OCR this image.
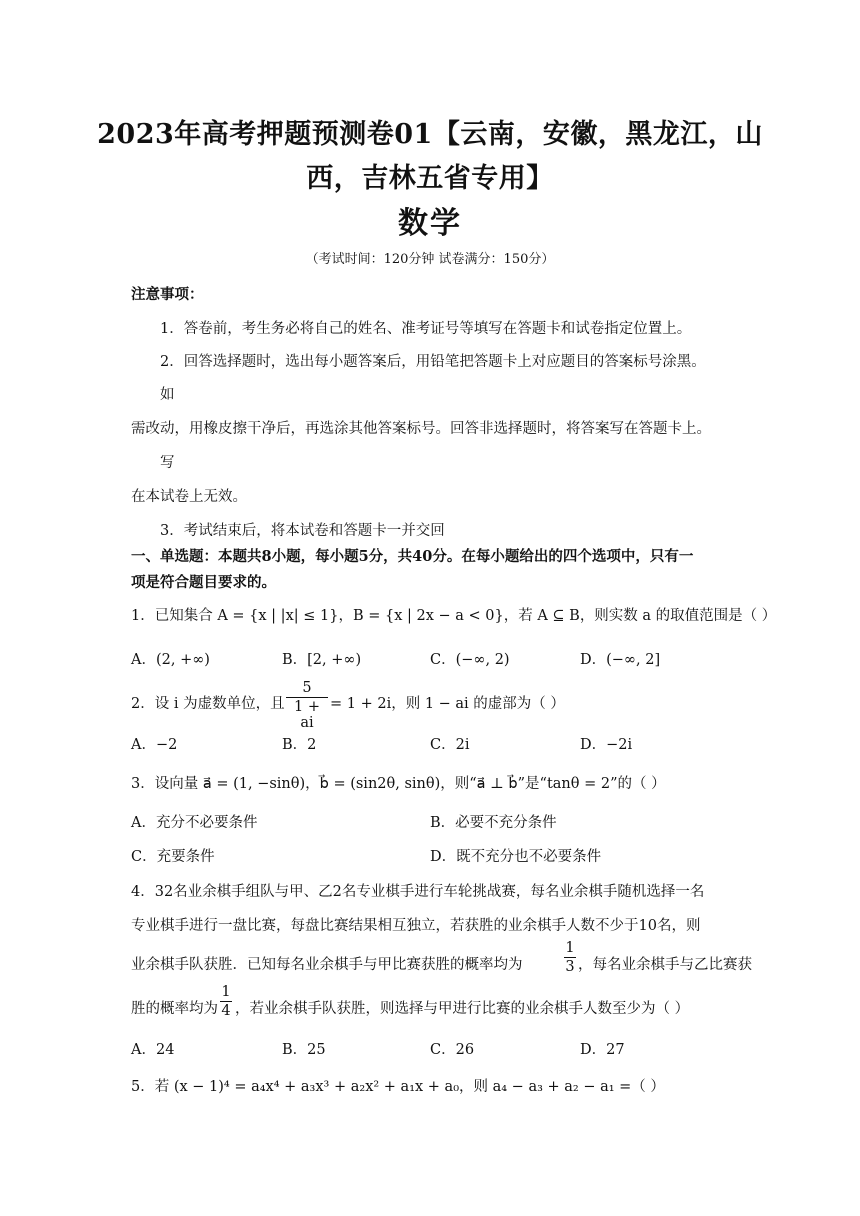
2023年高考押题预测卷01【云南，安徽，黑龙江，山
西，吉林五省专用】
数学
（考试时间：120分钟 试卷满分：150分）
注意事项：
1．答卷前，考生务必将自己的姓名、准考证号等填写在答题卡和试卷指定位置上。
2．回答选择题时，选出每小题答案后，用铅笔把答题卡上对应题目的答案标号涂黑。
如
需改动，用橡皮擦干净后，再选涂其他答案标号。回答非选择题时，将答案写在答题卡上。
写
在本试卷上无效。
3．考试结束后，将本试卷和答题卡一并交回
一、单选题：本题共8小题，每小题5分，共40分。在每小题给出的四个选项中，只有一
项是符合题目要求的。
1．已知集合 A = {x | |x| ≤ 1}，B = {x | 2x − a < 0}，若 A ⊆ B，则实数 a 的取值范围是（ ）
A．(2, +∞)	B．[2, +∞)	C．(−∞, 2)	D．(−∞, 2]
2．设 i 为虚数单位，且
5
1 + ai
= 1 + 2i，则 1 − ai 的虚部为（ ）
A．−2	B．2	C．2i	D．−2i
3．设向量 a⃗ = (1, −sinθ)，b⃗ = (sin2θ, sinθ)，则“a⃗ ⊥ b⃗”是“tanθ = 2”的（ ）
A．充分不必要条件	B．必要不充分条件
C．充要条件	D．既不充分也不必要条件
4．32名业余棋手组队与甲、乙2名专业棋手进行车轮挑战赛，每名业余棋手随机选择一名
专业棋手进行一盘比赛，每盘比赛结果相互独立，若获胜的业余棋手人数不少于10名，则
业余棋手队获胜．已知每名业余棋手与甲比赛获胜的概率均为
1
3 ，每名业余棋手与乙比赛获
胜的概率均为
1
4 ，若业余棋手队获胜，则选择与甲进行比赛的业余棋手人数至少为（ ）
A．24	B．25	C．26	D．27
5．若 (x − 1)⁴ = a₄x⁴ + a₃x³ + a₂x² + a₁x + a₀，则 a₄ − a₃ + a₂ − a₁ =（ ）
